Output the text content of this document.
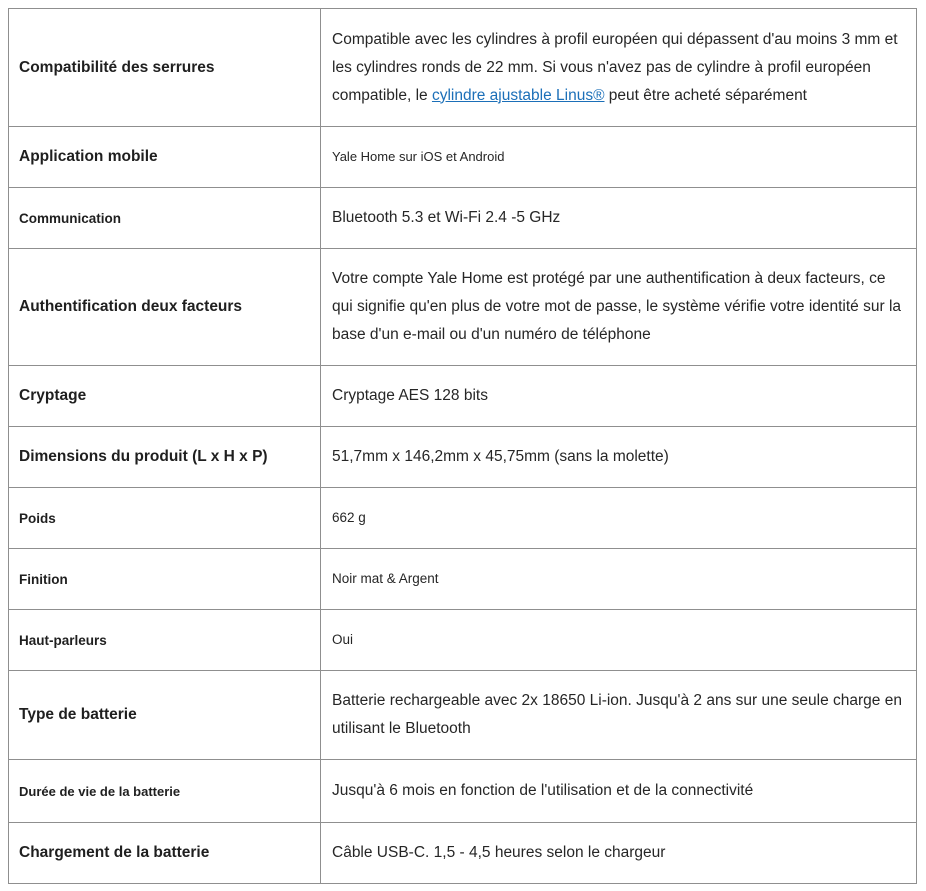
Compatibilité des serrures	Compatible avec les cylindres à profil européen qui dépassent d'au moins 3 mm et les cylindres ronds de 22 mm. Si vous n'avez pas de cylindre à profil européen compatible, le cylindre ajustable Linus® peut être acheté séparément
Application mobile	Yale Home sur iOS et Android
Communication	Bluetooth 5.3 et Wi-Fi 2.4 -5 GHz
Authentification deux facteurs	Votre compte Yale Home est protégé par une authentification à deux facteurs, ce qui signifie qu'en plus de votre mot de passe, le système vérifie votre identité sur la base d'un e-mail ou d'un numéro de téléphone
Cryptage	Cryptage AES 128 bits
Dimensions du produit (L x H x P)	51,7mm x 146,2mm x 45,75mm (sans la molette)
Poids	662 g
Finition	Noir mat & Argent
Haut-parleurs	Oui
Type de batterie	Batterie rechargeable avec 2x 18650 Li-ion. Jusqu'à 2 ans sur une seule charge en utilisant le Bluetooth
Durée de vie de la batterie	Jusqu'à 6 mois en fonction de l'utilisation et de la connectivité
Chargement de la batterie	Câble USB-C. 1,5 - 4,5 heures selon le chargeur
